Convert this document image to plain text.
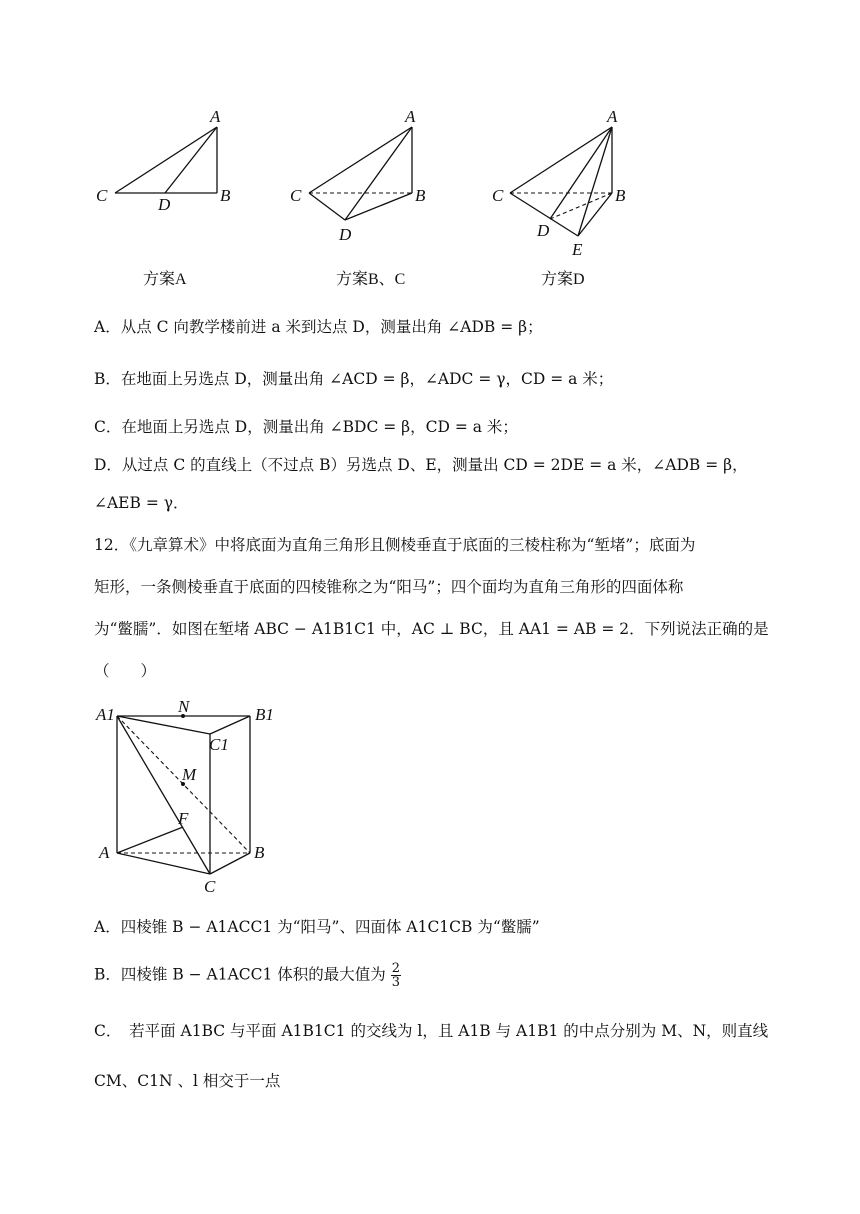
A
B
C	D
方案A
A
B
C
D
方案B、C
A
B
C
D
E
方案D
A．从点 C 向教学楼前进 a 米到达点 D，测量出角 ∠ADB = β；
B．在地面上另选点 D，测量出角 ∠ACD = β，∠ADC = γ，CD = a 米；
C．在地面上另选点 D，测量出角 ∠BDC = β，CD = a 米；
D．从过点 C 的直线上（不过点 B）另选点 D、E，测量出 CD = 2DE = a 米，∠ADB = β，
∠AEB = γ．
12．《九章算术》中将底面为直角三角形且侧棱垂直于底面的三棱柱称为“堑堵”；底面为
矩形，一条侧棱垂直于底面的四棱锥称之为“阳马”；四个面均为直角三角形的四面体称
为“鳖臑”．如图在堑堵 ABC − A1B1C1 中，AC ⊥ BC，且 AA1 = AB = 2．下列说法正确的是
（　　）
A1	N	B1
C1
M
F
A	B
C
A．四棱锥 B − A1ACC1 为“阳马”、四面体 A1C1CB 为“鳖臑”
B．四棱锥 B − A1ACC1 体积的最大值为 $\frac{2}{3}$
C．　若平面 A1BC 与平面 A1B1C1 的交线为 l，且 A1B 与 A1B1 的中点分别为 M、N，则直线
CM、C1N 、l 相交于一点
